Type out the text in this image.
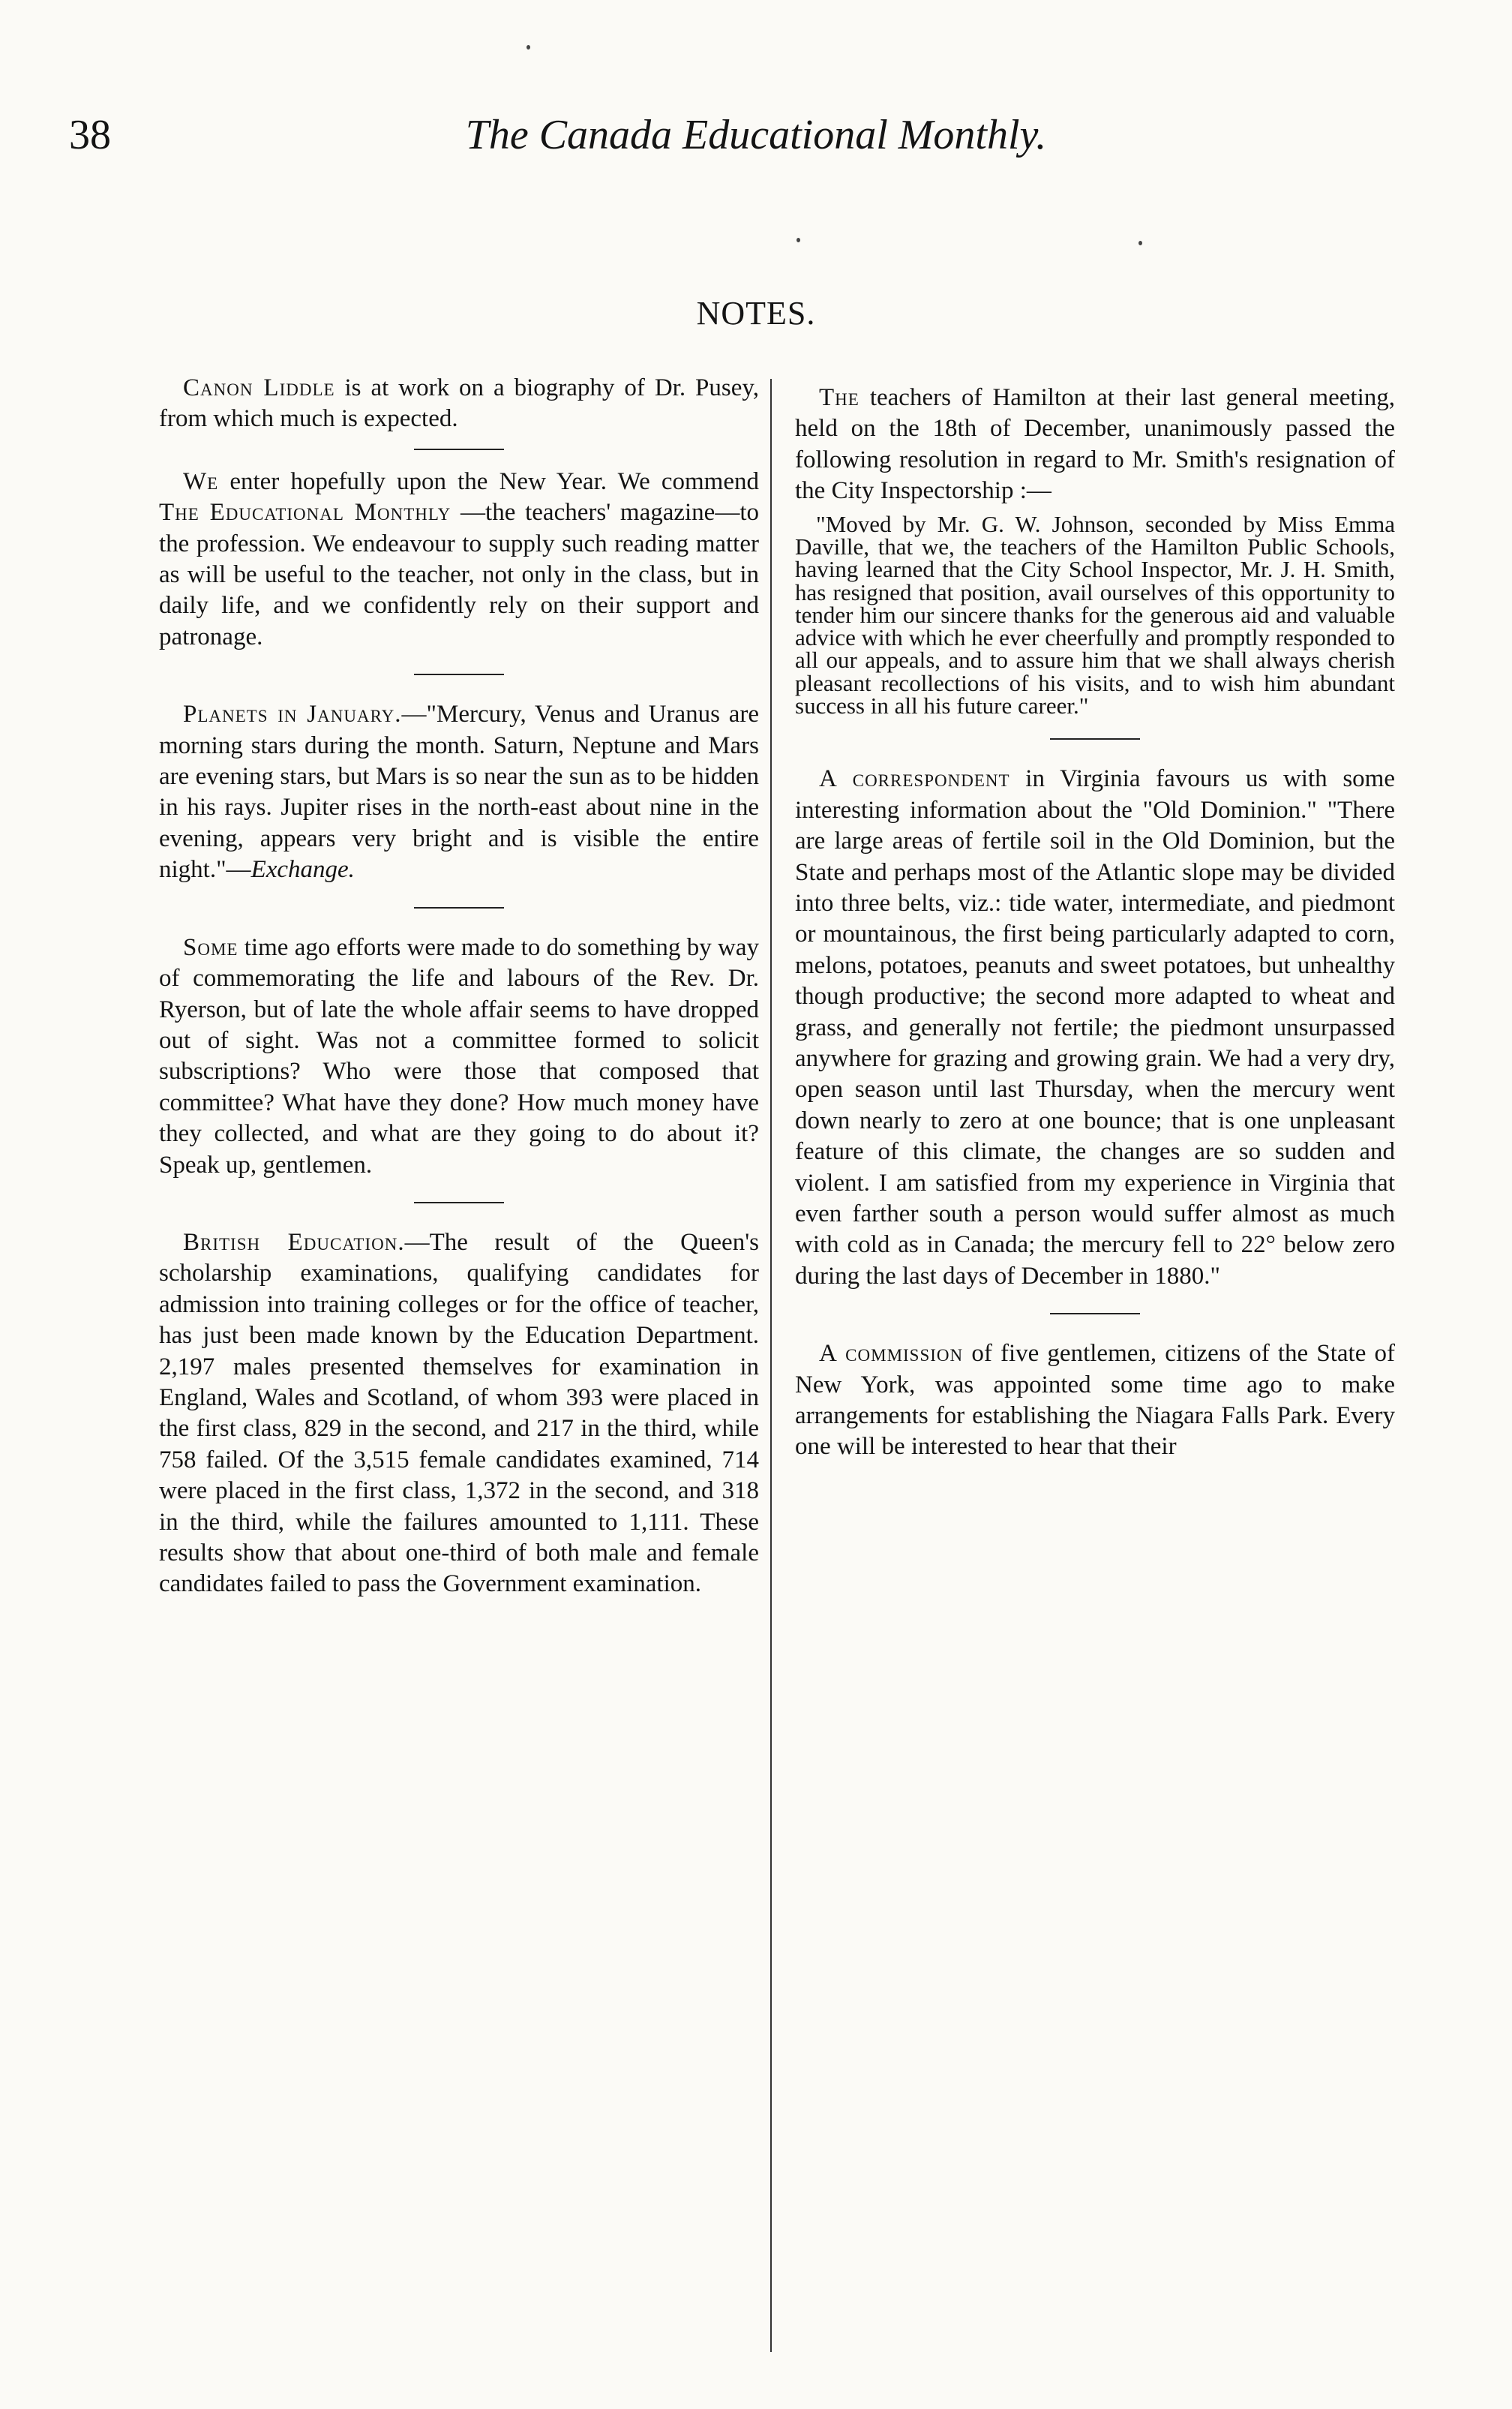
38	The Canada Educational Monthly.
NOTES.

Canon Liddle is at work on a biography of Dr. Pusey, from which much is expected.

We enter hopefully upon the New Year. We commend The Educational Monthly —the teachers' magazine—to the profession. We endeavour to supply such reading matter as will be useful to the teacher, not only in the class, but in daily life, and we confidently rely on their support and patronage.

Planets in January.—"Mercury, Venus and Uranus are morning stars during the month. Saturn, Neptune and Mars are evening stars, but Mars is so near the sun as to be hidden in his rays. Jupiter rises in the north-east about nine in the evening, appears very bright and is visible the entire night."—Exchange.

Some time ago efforts were made to do something by way of commemorating the life and labours of the Rev. Dr. Ryerson, but of late the whole affair seems to have dropped out of sight. Was not a committee formed to solicit subscriptions? Who were those that composed that committee? What have they done? How much money have they collected, and what are they going to do about it? Speak up, gentlemen.

British Education.—The result of the Queen's scholarship examinations, qualifying candidates for admission into training colleges or for the office of teacher, has just been made known by the Education Department. 2,197 males presented themselves for examination in England, Wales and Scotland, of whom 393 were placed in the first class, 829 in the second, and 217 in the third, while 758 failed. Of the 3,515 female candidates examined, 714 were placed in the first class, 1,372 in the second, and 318 in the third, while the failures amounted to 1,111. These results show that about one-third of both male and female candidates failed to pass the Government examination.

The teachers of Hamilton at their last general meeting, held on the 18th of December, unanimously passed the following resolution in regard to Mr. Smith's resignation of the City Inspectorship :—

"Moved by Mr. G. W. Johnson, seconded by Miss Emma Daville, that we, the teachers of the Hamilton Public Schools, having learned that the City School Inspector, Mr. J. H. Smith, has resigned that position, avail ourselves of this opportunity to tender him our sincere thanks for the generous aid and valuable advice with which he ever cheerfully and promptly responded to all our appeals, and to assure him that we shall always cherish pleasant recollections of his visits, and to wish him abundant success in all his future career."

A correspondent in Virginia favours us with some interesting information about the "Old Dominion." "There are large areas of fertile soil in the Old Dominion, but the State and perhaps most of the Atlantic slope may be divided into three belts, viz.: tide water, intermediate, and piedmont or mountainous, the first being particularly adapted to corn, melons, potatoes, peanuts and sweet potatoes, but unhealthy though productive; the second more adapted to wheat and grass, and generally not fertile; the piedmont unsurpassed anywhere for grazing and growing grain. We had a very dry, open season until last Thursday, when the mercury went down nearly to zero at one bounce; that is one unpleasant feature of this climate, the changes are so sudden and violent. I am satisfied from my experience in Virginia that even farther south a person would suffer almost as much with cold as in Canada; the mercury fell to 22° below zero during the last days of December in 1880."

A commission of five gentlemen, citizens of the State of New York, was appointed some time ago to make arrangements for establishing the Niagara Falls Park. Every one will be interested to hear that their
